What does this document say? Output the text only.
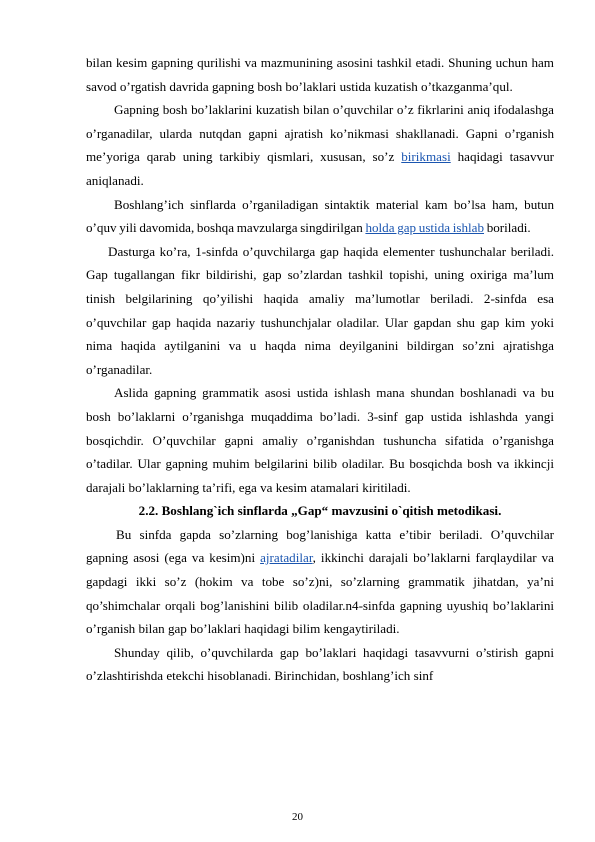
bilan kesim gapning qurilishi va mazmunining asosini tashkil etadi. Shuning uchun ham savod o’rgatish davrida gapning bosh bo’laklari ustida kuzatish o’tkazganma’qul.

Gapning bosh bo’laklarini kuzatish bilan o’quvchilar o’z fikrlarini aniq ifodalashga o’rganadilar, ularda nutqdan gapni ajratish ko’nikmasi shakllanadi. Gapni o’rganish me’yoriga qarab uning tarkibiy qismlari, xususan, so’z birikmasi haqidagi tasavvur aniqlanadi.

Boshlang’ich sinflarda o’rganiladigan sintaktik material kam bo’lsa ham, butun o’quv yili davomida, boshqa mavzularga singdirilgan holda gap ustida ishlab boriladi.

Dasturga ko’ra, 1-sinfda o’quvchilarga gap haqida elementer tushunchalar beriladi. Gap tugallangan fikr bildirishi, gap so’zlardan tashkil topishi, uning oxiriga ma’lum tinish belgilarining qo’yilishi haqida amaliy ma’lumotlar beriladi. 2-sinfda esa o’quvchilar gap haqida nazariy tushunchjalar oladilar. Ular gapdan shu gap kim yoki nima haqida aytilganini va u haqda nima deyilganini bildirgan so’zni ajratishga o’rganadilar.

Aslida gapning grammatik asosi ustida ishlash mana shundan boshlanadi va bu bosh bo’laklarni o’rganishga muqaddima bo’ladi. 3-sinf gap ustida ishlashda yangi bosqichdir. O’quvchilar gapni amaliy o’rganishdan tushuncha sifatida o’rganishga o’tadilar. Ular gapning muhim belgilarini bilib oladilar. Bu bosqichda bosh va ikkincji darajali bo’laklarning ta’rifi, ega va kesim atamalari kiritiladi.

2.2. Boshlang`ich sinflarda „Gap“ mavzusini o`qitish metodikasi.

Bu sinfda gapda so’zlarning bog’lanishiga katta e’tibir beriladi. O’quvchilar gapning asosi (ega va kesim)ni ajratadilar, ikkinchi darajali bo’laklarni farqlaydilar va gapdagi ikki so’z (hokim va tobe so’z)ni, so’zlarning grammatik jihatdan, ya’ni qo’shimchalar orqali bog’lanishini bilib oladilar.n4-sinfda gapning uyushiq bo’laklarini o’rganish bilan gap bo’laklari haqidagi bilim kengaytiriladi.

Shunday qilib, o’quvchilarda gap bo’laklari haqidagi tasavvurni o’stirish gapni o’zlashtirishda etekchi hisoblanadi. Birinchidan, boshlang’ich sinf

20
